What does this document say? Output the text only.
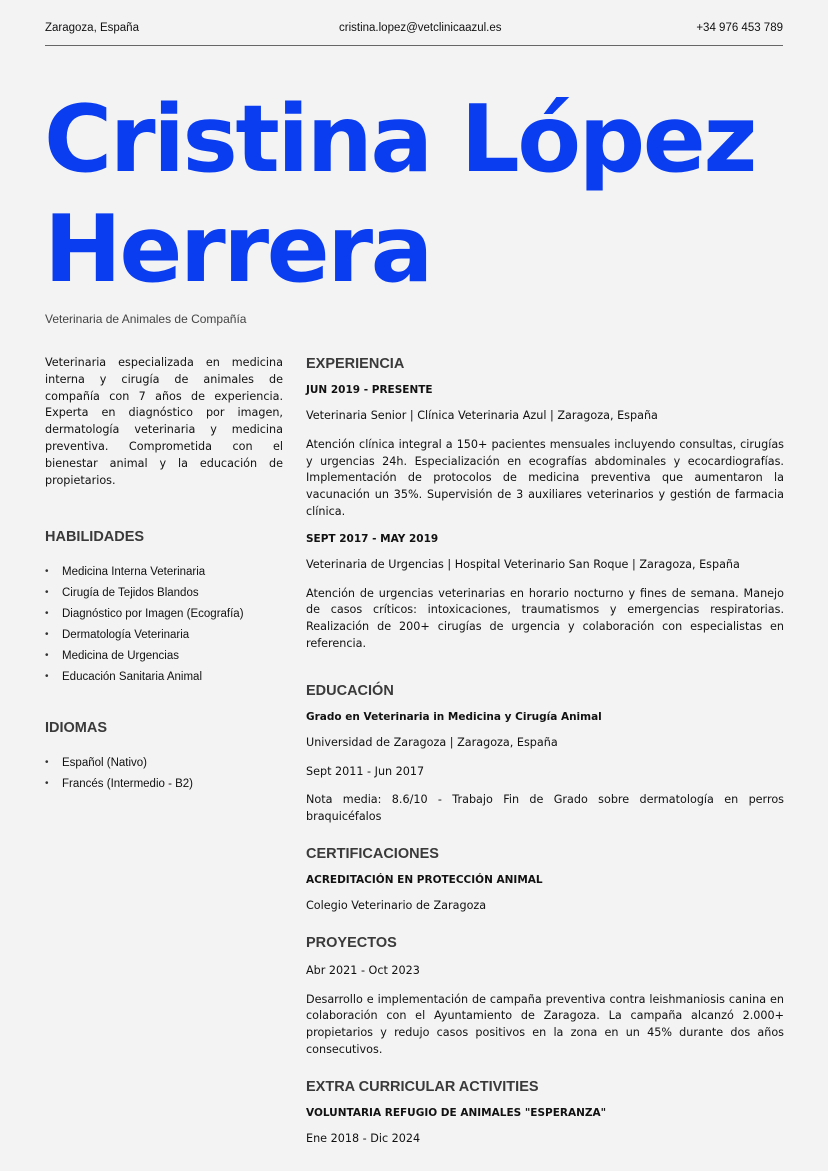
Zaragoza, España	cristina.lopez@vetclinicaazul.es	+34 976 453 789
Cristina López
Herrera
Veterinaria de Animales de Compañía

Veterinaria especializada en medicina interna y cirugía de animales de compañía con 7 años de experiencia. Experta en diagnóstico por imagen, dermatología veterinaria y medicina preventiva. Comprometida con el bienestar animal y la educación de propietarios.

HABILIDADES
• Medicina Interna Veterinaria
• Cirugía de Tejidos Blandos
• Diagnóstico por Imagen (Ecografía)
• Dermatología Veterinaria
• Medicina de Urgencias
• Educación Sanitaria Animal
IDIOMAS
• Español (Nativo)
• Francés (Intermedio - B2)
EXPERIENCIA

JUN 2019 - PRESENTE

Veterinaria Senior | Clínica Veterinaria Azul | Zaragoza, España

Atención clínica integral a 150+ pacientes mensuales incluyendo consultas, cirugías y urgencias 24h. Especialización en ecografías abdominales y ecocardiografías. Implementación de protocolos de medicina preventiva que aumentaron la vacunación un 35%. Supervisión de 3 auxiliares veterinarios y gestión de farmacia clínica.

SEPT 2017 - MAY 2019

Veterinaria de Urgencias | Hospital Veterinario San Roque | Zaragoza, España

Atención de urgencias veterinarias en horario nocturno y fines de semana. Manejo de casos críticos: intoxicaciones, traumatismos y emergencias respiratorias. Realización de 200+ cirugías de urgencia y colaboración con especialistas en referencia.

EDUCACIÓN

Grado en Veterinaria in Medicina y Cirugía Animal

Universidad de Zaragoza | Zaragoza, España

Sept 2011 - Jun 2017

Nota media: 8.6/10 - Trabajo Fin de Grado sobre dermatología en perros braquicéfalos

CERTIFICACIONES

ACREDITACIÓN EN PROTECCIÓN ANIMAL

Colegio Veterinario de Zaragoza

PROYECTOS

Abr 2021 - Oct 2023

Desarrollo e implementación de campaña preventiva contra leishmaniosis canina en colaboración con el Ayuntamiento de Zaragoza. La campaña alcanzó 2.000+ propietarios y redujo casos positivos en la zona en un 45% durante dos años consecutivos.

EXTRA CURRICULAR ACTIVITIES

VOLUNTARIA REFUGIO DE ANIMALES "ESPERANZA"

Ene 2018 - Dic 2024
